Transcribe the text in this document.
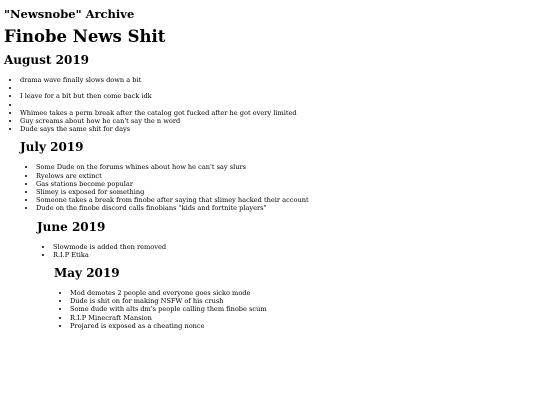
"Newsnobe" Archive
Finobe News Shit
August 2019
• drama wave finally slows down a bit
•
• I leave for a bit but then come back idk
•
• Whimee takes a perm break after the catalog got fucked after he got every limited
• Guy screams about how he can't say the n word
• Dude says the same shit for days
July 2019
• Some Dude on the forums whines about how he can't say slurs
• Ryelows are extinct
• Gas stations become popular
• Slimey is exposed for something
• Someone takes a break from finobe after saying that slimey hacked their account
• Dude on the finobe discord calls finobians "kids and fortnite players"
June 2019
• Slowmode is added then removed
• R.I.P Etika
May 2019
• Mod demotes 2 people and everyone goes sicko mode
• Dude is shit on for making NSFW of his crush
• Some dude with alts dm's people calling them finobe scum
• R.I.P Minecraft Mansion
• Projared is exposed as a cheating nonce
